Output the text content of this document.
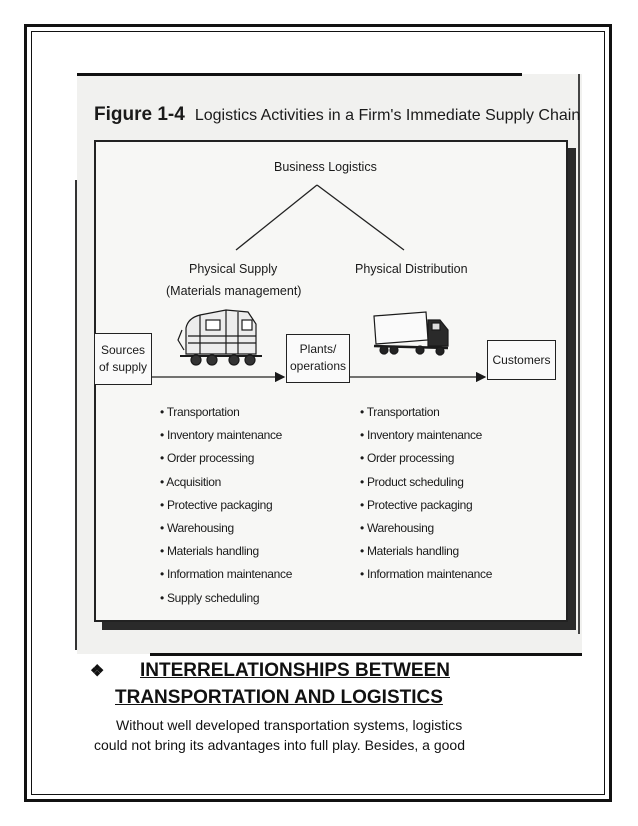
Figure 1-4 Logistics Activities in a Firm's Immediate Supply Chain
Business Logistics
Physical Supply
(Materials management)
Physical Distribution
Sources
of supply
Plants/
operations	Customers
• Transportation
• Inventory maintenance
• Order processing
• Acquisition
• Protective packaging
• Warehousing
• Materials handling
• Information maintenance
• Supply scheduling
• Transportation
• Inventory maintenance
• Order processing
• Product scheduling
• Protective packaging
• Warehousing
• Materials handling
• Information maintenance
❖ INTERRELATIONSHIPS BETWEEN
TRANSPORTATION AND LOGISTICS
Without well developed transportation systems, logistics
could not bring its advantages into full play. Besides, a good
